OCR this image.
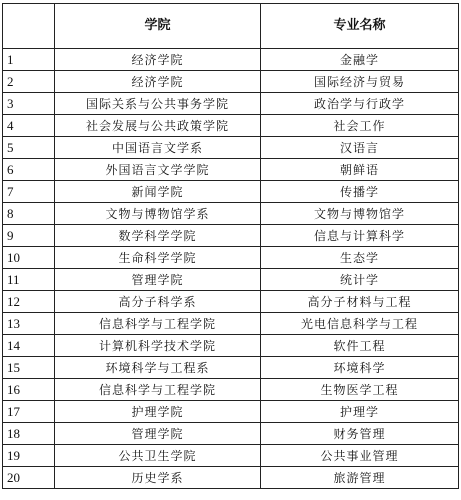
	学院	专业名称
1	经济学院	金融学
2	经济学院	国际经济与贸易
3	国际关系与公共事务学院	政治学与行政学
4	社会发展与公共政策学院	社会工作
5	中国语言文学系	汉语言
6	外国语言文学学院	朝鲜语
7	新闻学院	传播学
8	文物与博物馆学系	文物与博物馆学
9	数学科学学院	信息与计算科学
10	生命科学学院	生态学
11	管理学院	统计学
12	高分子科学系	高分子材料与工程
13	信息科学与工程学院	光电信息科学与工程
14	计算机科学技术学院	软件工程
15	环境科学与工程系	环境科学
16	信息科学与工程学院	生物医学工程
17	护理学院	护理学
18	管理学院	财务管理
19	公共卫生学院	公共事业管理
20	历史学系	旅游管理
